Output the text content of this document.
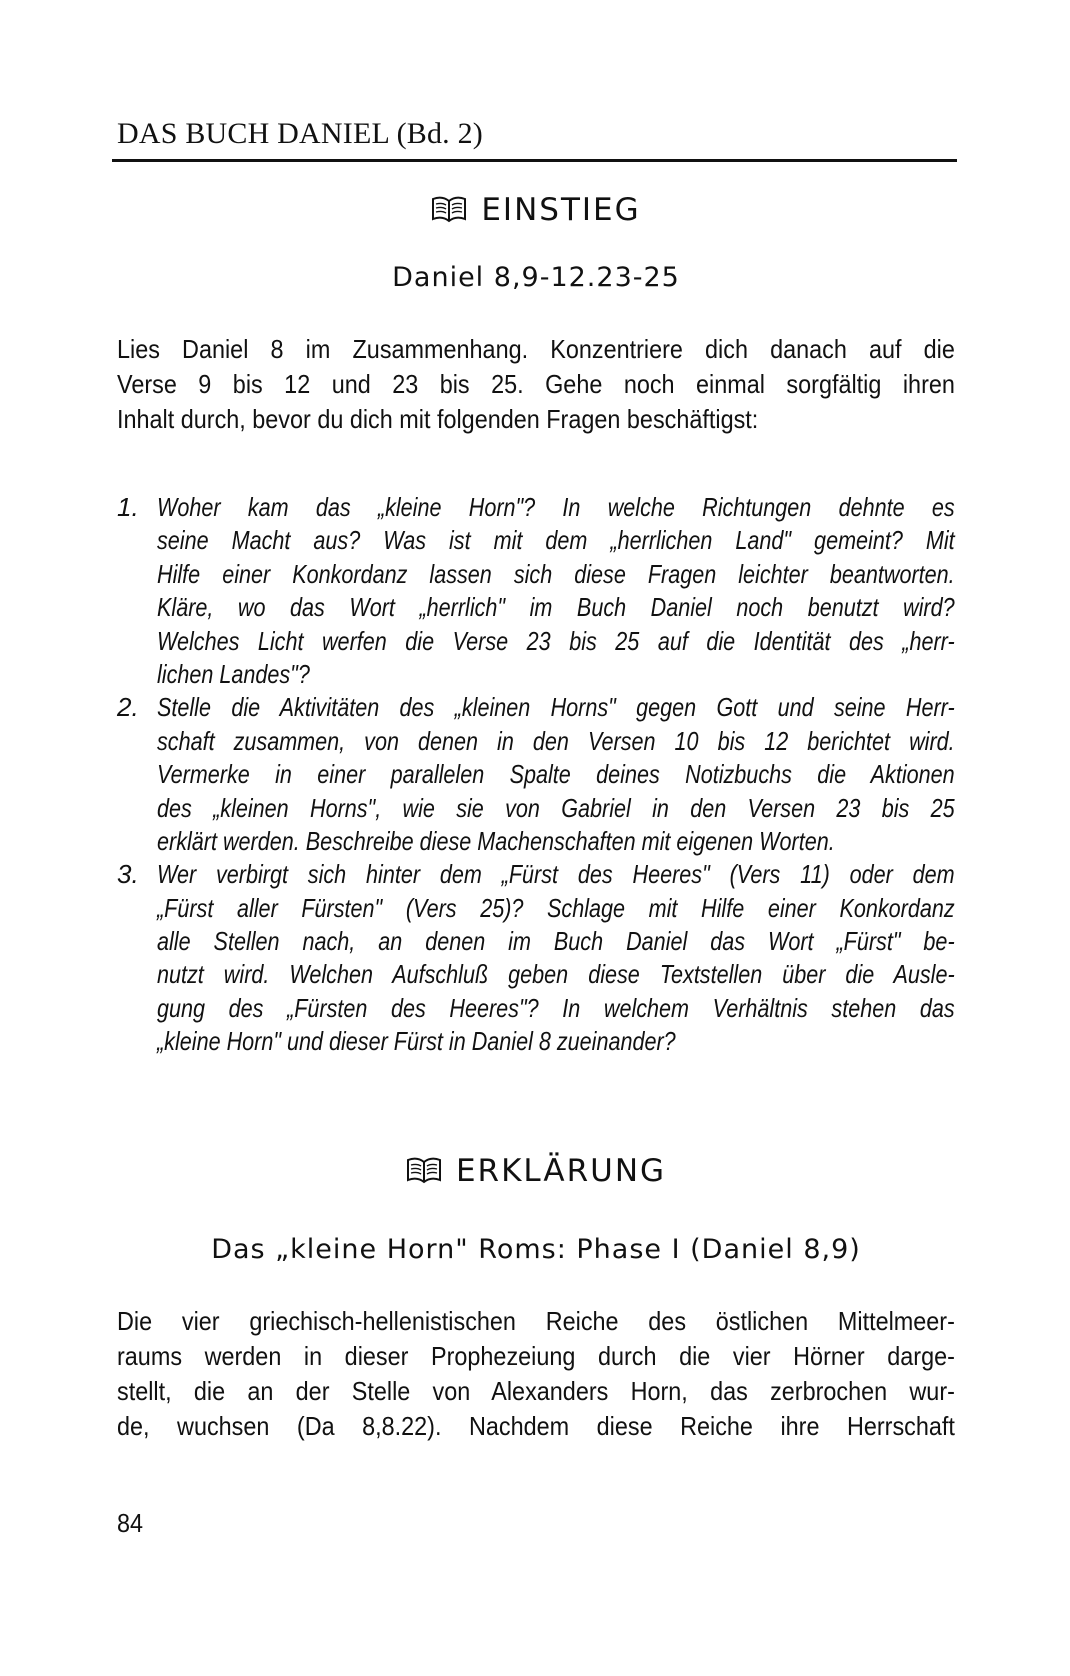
DAS BUCH DANIEL (Bd. 2)
EINSTIEG
Daniel 8,9-12.23-25
Lies Daniel 8 im Zusammenhang. Konzentriere dich danach auf die
Verse 9 bis 12 und 23 bis 25. Gehe noch einmal sorgfältig ihren
Inhalt durch, bevor du dich mit folgenden Fragen beschäftigst:
1. Woher kam das „kleine Horn"? In welche Richtungen dehnte es
seine Macht aus? Was ist mit dem „herrlichen Land" gemeint? Mit
Hilfe einer Konkordanz lassen sich diese Fragen leichter beantworten.
Kläre, wo das Wort „herrlich" im Buch Daniel noch benutzt wird?
Welches Licht werfen die Verse 23 bis 25 auf die Identität des „herr-
lichen Landes"?
2. Stelle die Aktivitäten des „kleinen Horns" gegen Gott und seine Herr-
schaft zusammen, von denen in den Versen 10 bis 12 berichtet wird.
Vermerke in einer parallelen Spalte deines Notizbuchs die Aktionen
des „kleinen Horns", wie sie von Gabriel in den Versen 23 bis 25
erklärt werden. Beschreibe diese Machenschaften mit eigenen Worten.
3. Wer verbirgt sich hinter dem „Fürst des Heeres" (Vers 11) oder dem
„Fürst aller Fürsten" (Vers 25)? Schlage mit Hilfe einer Konkordanz
alle Stellen nach, an denen im Buch Daniel das Wort „Fürst" be-
nutzt wird. Welchen Aufschluß geben diese Textstellen über die Ausle-
gung des „Fürsten des Heeres"? In welchem Verhältnis stehen das
„kleine Horn" und dieser Fürst in Daniel 8 zueinander?
ERKLÄRUNG
Das „kleine Horn" Roms: Phase I (Daniel 8,9)
Die vier griechisch-hellenistischen Reiche des östlichen Mittelmeer-
raums werden in dieser Prophezeiung durch die vier Hörner darge-
stellt, die an der Stelle von Alexanders Horn, das zerbrochen wur-
de, wuchsen (Da 8,8.22). Nachdem diese Reiche ihre Herrschaft
84
